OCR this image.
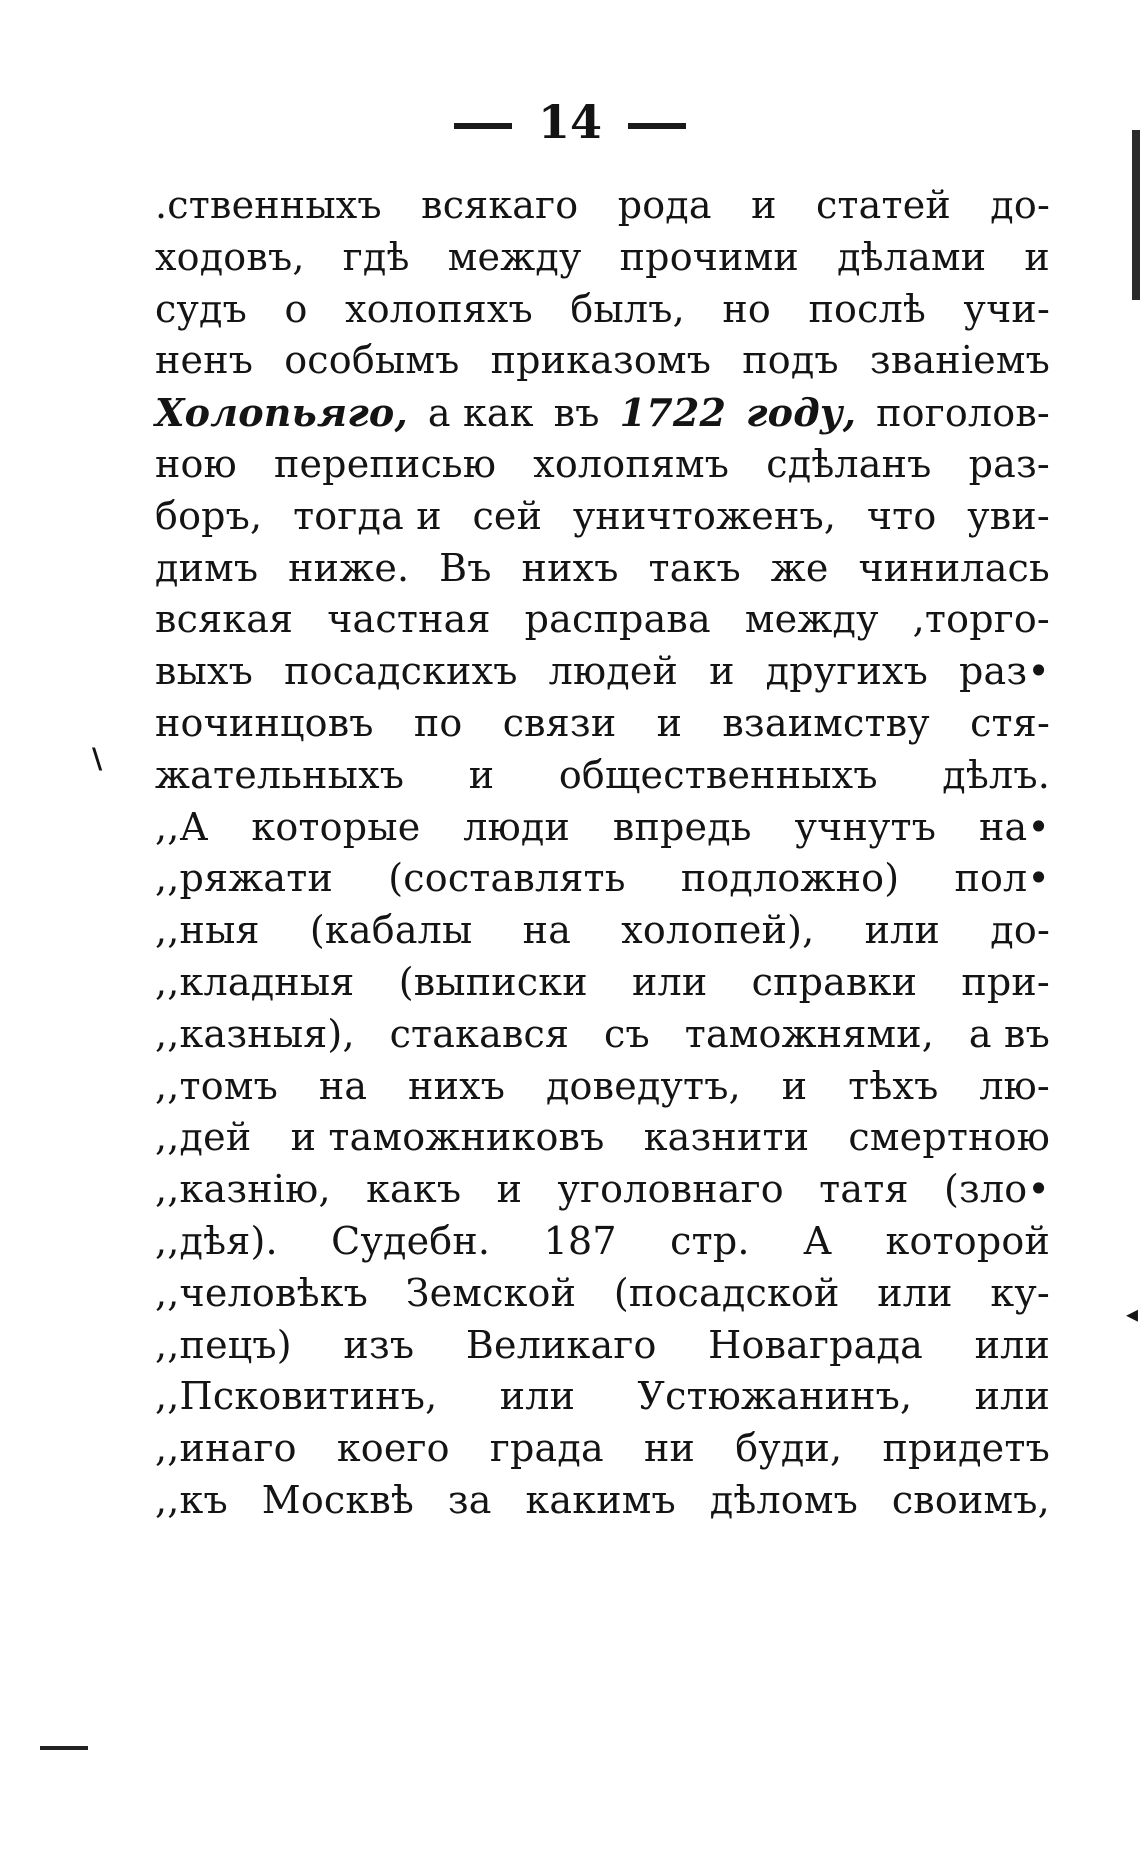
14
\
◂
.ственныхъ всякаго рода и статей до-
ходовъ, гдѣ между прочими дѣлами и
судъ о холопяхъ былъ, но послѣ учи-
ненъ особымъ приказомъ подъ званiемъ
Холопьяго, а как въ 1722 году, поголов-
ною переписью холопямъ сдѣланъ раз-
боръ, тогда и сей уничтоженъ, что уви-
димъ ниже. Въ нихъ такъ же чинилась
всякая частная расправа между ,торго-
выхъ посадскихъ людей и другихъ раз•
ночинцовъ по связи и взаимству стя-
жательныхъ и общественныхъ дѣлъ.
,,А которые люди впредь учнутъ на•
,,ряжати (составлять подложно) пол•
,,ныя (кабалы на холопей), или до-
,,кладныя (выписки или справки при-
,,казныя), стакався съ таможнями, а въ
,,томъ на нихъ доведутъ, и тѣхъ лю-
,,дей и таможниковъ казнити смертною
,,казнiю, какъ и уголовнаго татя (зло•
,,дѣя). Судебн. 187 стр. А которой
,,человѣкъ Земской (посадской или ку-
,,пецъ) изъ Великаго Новаграда или
,,Псковитинъ, или Устюжанинъ, или
,,инаго коего града ни буди, придетъ
,,къ Москвѣ за какимъ дѣломъ своимъ,
